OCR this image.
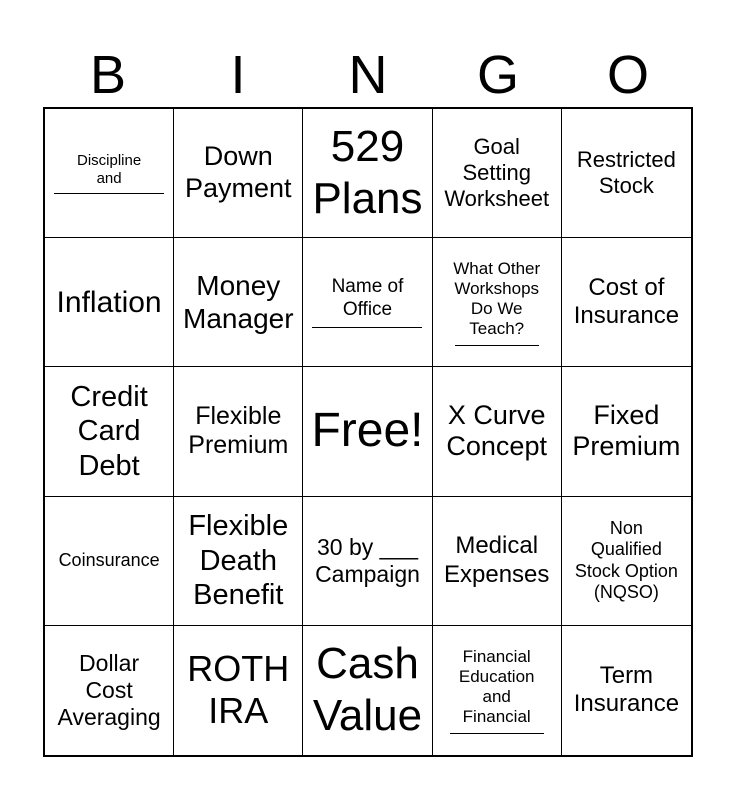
B	I	N	G	O
Discipline
and
Down
Payment
529
Plans
Goal
Setting
Worksheet
Restricted
Stock
Inflation	Money
Manager
Name of
Office
What Other
Workshops
Do We
Teach?
Cost of
Insurance
Credit
Card
Debt
Flexible
Premium Free! X Curve
Concept
Fixed
Premium
Coinsurance
Flexible
Death
Benefit
30 by ___
Campaign
Medical
Expenses
Non
Qualified
Stock Option
(NQSO)
Dollar
Cost
Averaging
ROTH
IRA
Cash
Value
Financial
Education
and
Financial
Term
Insurance
